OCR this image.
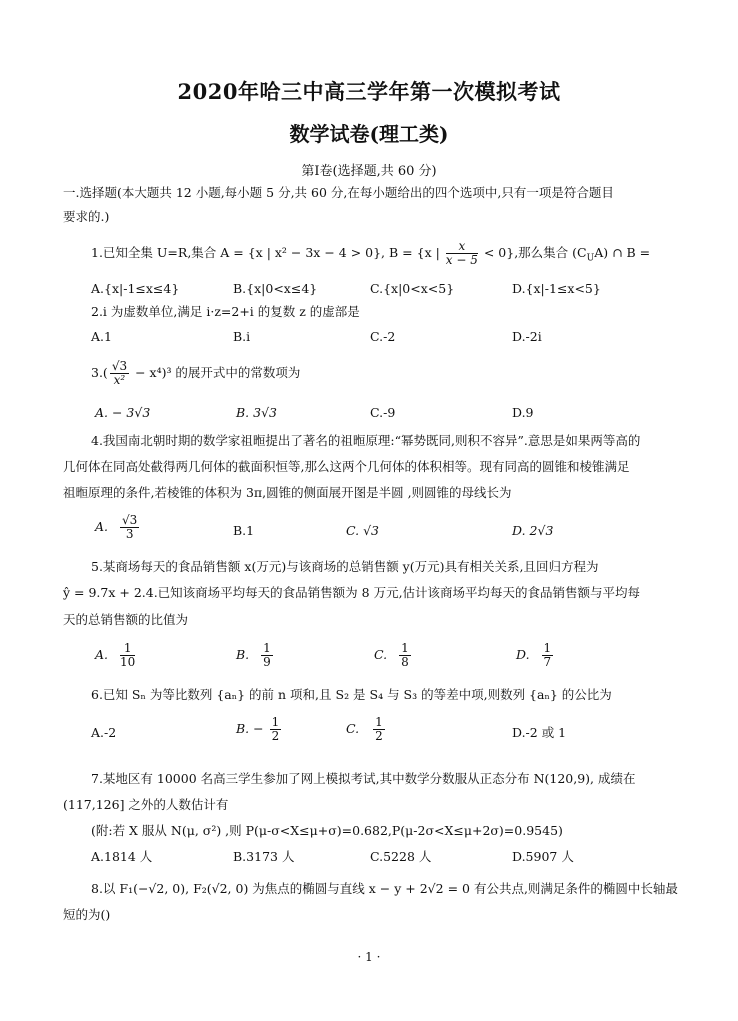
2020年哈三中高三学年第一次模拟考试
数学试卷(理工类)
第Ⅰ卷(选择题,共 60 分)
一.选择题(本大题共 12 小题,每小题 5 分,共 60 分,在每小题给出的四个选项中,只有一项是符合题目
要求的.)
1.已知全集 U=R,集合 A = {x | x² − 3x − 4 > 0}, B = {x | $\frac{x}{x - 5} < 0$},那么集合 $(C_UA)$ ∩ B =
A.{x|-1≤x≤4}	B.{x|0<x≤4}	C.{x|0<x<5}	D.{x|-1≤x<5}
2.i 为虚数单位,满足 i·z=2+i 的复数 z 的虚部是
A.1	B.i	C.-2	D.-2i
$3.( \frac{√3}{\text{x²}} - x^4)^3$ 的展开式中的常数项为
A. − 3√3	B. 3√3	C.-9	D.9
4.我国南北朝时期的数学家祖暅提出了著名的祖暅原理:“幂势既同,则积不容异”.意思是如果两等高的
几何体在同高处截得两几何体的截面积恒等,那么这两个几何体的体积相等。现有同高的圆锥和棱锥满足
祖暅原理的条件,若棱锥的体积为 3π,圆锥的侧面展开图是半圆 ,则圆锥的母线长为
A. $\frac{√3}{3}$	B.1	C. √3	D. 2√3
5.某商场每天的食品销售额 x(万元)与该商场的总销售额 y(万元)具有相关关系,且回归方程为
ŷ = 9.7x + 2.4.已知该商场平均每天的食品销售额为 8 万元,估计该商场平均每天的食品销售额与平均每
天的总销售额的比值为
A. $\frac{1}{10}$	B. $\frac{1}{9}$	C. $\frac{1}{8}$	D. $\frac{1}{7}$
6.已知 Sₙ 为等比数列 {aₙ} 的前 n 项和,且 S₂ 是 S₄ 与 S₃ 的等差中项,则数列 {aₙ} 的公比为
A.-2	B. − $\frac{1}{2}$	C. $\frac{1}{2}$	D.-2 或 1
7.某地区有 10000 名高三学生参加了网上模拟考试,其中数学分数服从正态分布 N(120,9), 成绩在
(117,126] 之外的人数估计有
(附:若 X 服从 N(μ, σ²) ,则 P(μ-σ<X≤μ+σ)=0.682,P(μ-2σ<X≤μ+2σ)=0.9545)
A.1814 人	B.3173 人	C.5228 人	D.5907 人
8.以 F₁(−√2, 0), F₂(√2, 0) 为焦点的椭圆与直线 x − y + 2√2 = 0 有公共点,则满足条件的椭圆中长轴最
短的为()
· 1 ·
